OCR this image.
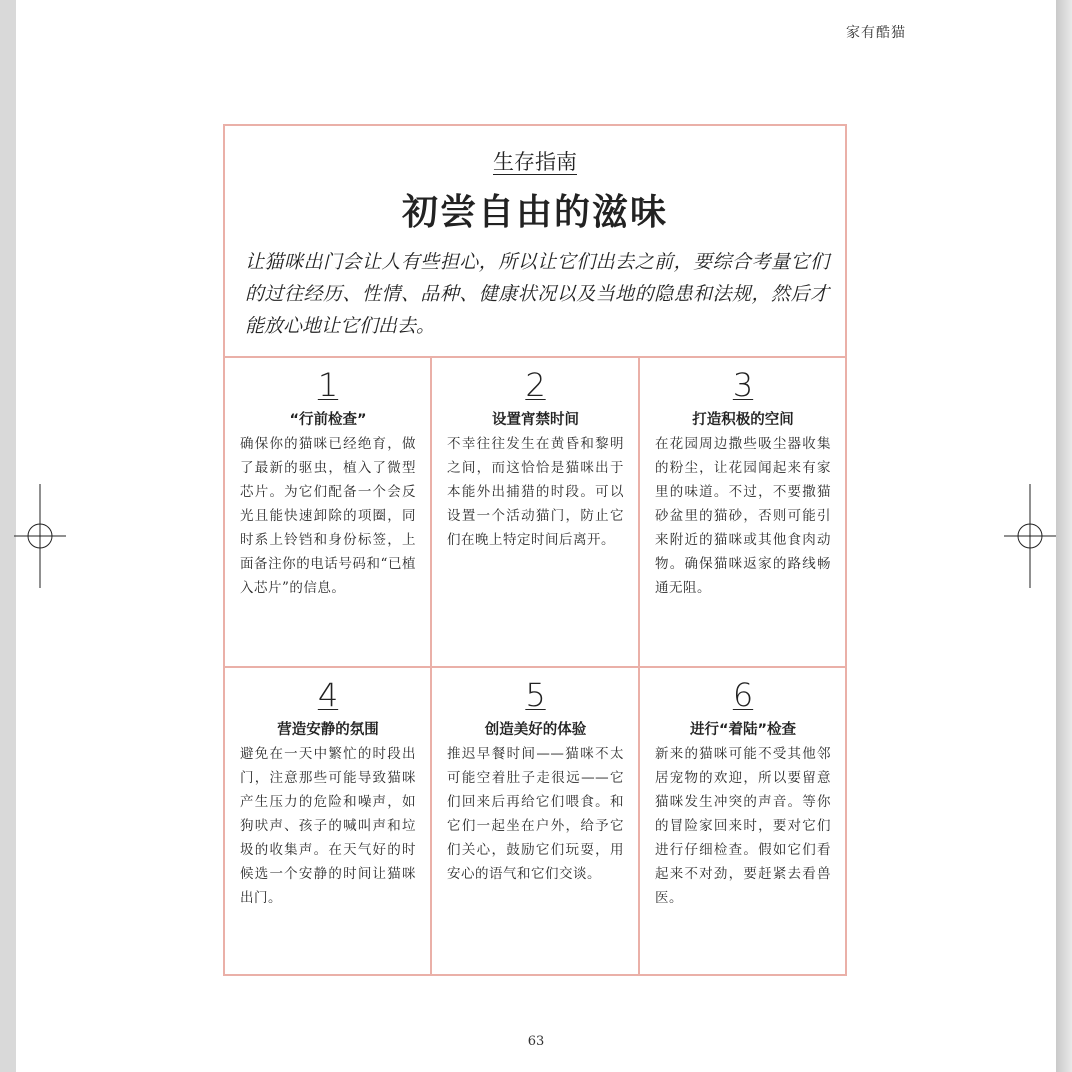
家有酷猫
生存指南
初尝自由的滋味
让猫咪出门会让人有些担心，所以让它们出去之前，要综合考量它们的过往经历、性情、品种、健康状况以及当地的隐患和法规，然后才能放心地让它们出去。
1
“行前检查”
确保你的猫咪已经绝育，做了最新的驱虫，植入了微型芯片。为它们配备一个会反光且能快速卸除的项圈，同时系上铃铛和身份标签，上面备注你的电话号码和“已植入芯片”的信息。
2
设置宵禁时间
不幸往往发生在黄昏和黎明之间，而这恰恰是猫咪出于本能外出捕猎的时段。可以设置一个活动猫门，防止它们在晚上特定时间后离开。
3
打造积极的空间
在花园周边撒些吸尘器收集的粉尘，让花园闻起来有家里的味道。不过，不要撒猫砂盆里的猫砂，否则可能引来附近的猫咪或其他食肉动物。确保猫咪返家的路线畅通无阻。
4
营造安静的氛围
避免在一天中繁忙的时段出门，注意那些可能导致猫咪产生压力的危险和噪声，如狗吠声、孩子的喊叫声和垃圾的收集声。在天气好的时候选一个安静的时间让猫咪出门。
5
创造美好的体验
推迟早餐时间——猫咪不太可能空着肚子走很远——它们回来后再给它们喂食。和它们一起坐在户外，给予它们关心，鼓励它们玩耍，用安心的语气和它们交谈。
6
进行“着陆”检查
新来的猫咪可能不受其他邻居宠物的欢迎，所以要留意猫咪发生冲突的声音。等你的冒险家回来时，要对它们进行仔细检查。假如它们看起来不对劲，要赶紧去看兽医。
63
